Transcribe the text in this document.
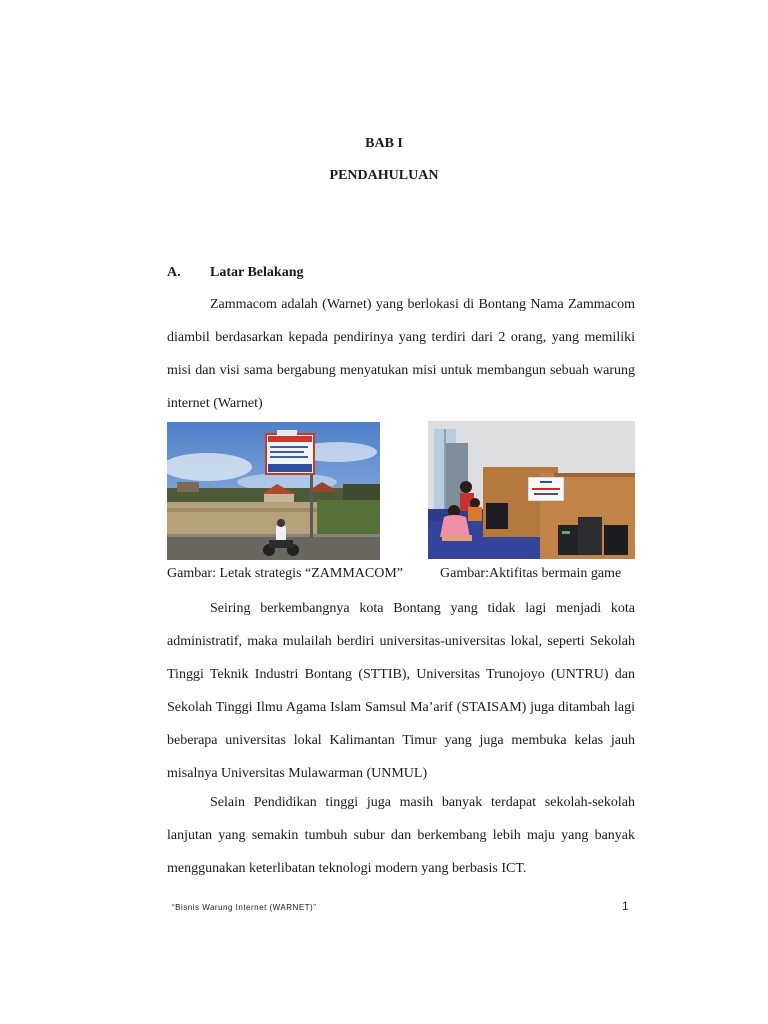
BAB I
PENDAHULUAN
A. Latar Belakang

Zammacom adalah (Warnet) yang berlokasi di Bontang Nama Zammacom diambil berdasarkan kepada pendirinya yang terdiri dari 2 orang, yang memiliki misi dan visi sama bergabung menyatukan misi untuk membangun sebuah warung internet (Warnet)

Gambar: Letak strategis “ZAMMACOM”	Gambar:Aktifitas bermain game

Seiring berkembangnya kota Bontang yang tidak lagi menjadi kota administratif, maka mulailah berdiri universitas-universitas lokal, seperti Sekolah Tinggi Teknik Industri Bontang (STTIB), Universitas Trunojoyo (UNTRU) dan Sekolah Tinggi Ilmu Agama Islam Samsul Ma’arif (STAISAM) juga ditambah lagi beberapa universitas lokal Kalimantan Timur yang juga membuka kelas jauh misalnya Universitas Mulawarman (UNMUL)

Selain Pendidikan tinggi juga masih banyak terdapat sekolah-sekolah lanjutan yang semakin tumbuh subur dan berkembang lebih maju yang banyak menggunakan keterlibatan teknologi modern yang berbasis ICT.

“Bisnis Warung Internet (WARNET)”	1
